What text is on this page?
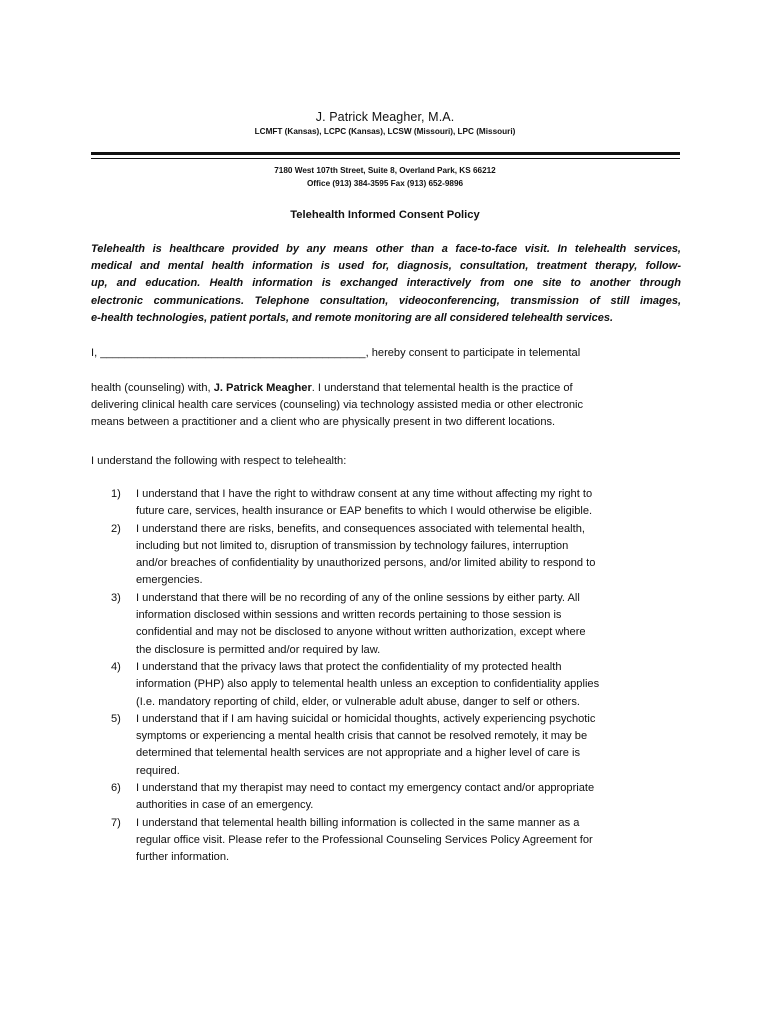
J. Patrick Meagher, M.A.
LCMFT (Kansas), LCPC (Kansas), LCSW (Missouri), LPC (Missouri)
7180 West 107th Street, Suite 8, Overland Park, KS 66212
Office (913) 384-3595 Fax (913) 652-9896
Telehealth Informed Consent Policy
Telehealth is healthcare provided by any means other than a face-to-face visit. In telehealth services,
medical and mental health information is used for, diagnosis, consultation, treatment therapy, follow-
up, and education. Health information is exchanged interactively from one site to another through
electronic communications. Telephone consultation, videoconferencing, transmission of still images,
e-health technologies, patient portals, and remote monitoring are all considered telehealth services.
I, ___________________________________________, hereby consent to participate in telemental
health (counseling) with, J. Patrick Meagher. I understand that telemental health is the practice of
delivering clinical health care services (counseling) via technology assisted media or other electronic
means between a practitioner and a client who are physically present in two different locations.
I understand the following with respect to telehealth:
1) I understand that I have the right to withdraw consent at any time without affecting my right to
future care, services, health insurance or EAP benefits to which I would otherwise be eligible.
2) I understand there are risks, benefits, and consequences associated with telemental health,
including but not limited to, disruption of transmission by technology failures, interruption
and/or breaches of confidentiality by unauthorized persons, and/or limited ability to respond to
emergencies.
3) I understand that there will be no recording of any of the online sessions by either party. All
information disclosed within sessions and written records pertaining to those session is
confidential and may not be disclosed to anyone without written authorization, except where
the disclosure is permitted and/or required by law.
4) I understand that the privacy laws that protect the confidentiality of my protected health
information (PHP) also apply to telemental health unless an exception to confidentiality applies
(I.e. mandatory reporting of child, elder, or vulnerable adult abuse, danger to self or others.
5) I understand that if I am having suicidal or homicidal thoughts, actively experiencing psychotic
symptoms or experiencing a mental health crisis that cannot be resolved remotely, it may be
determined that telemental health services are not appropriate and a higher level of care is
required.
6) I understand that my therapist may need to contact my emergency contact and/or appropriate
authorities in case of an emergency.
7) I understand that telemental health billing information is collected in the same manner as a
regular office visit. Please refer to the Professional Counseling Services Policy Agreement for
further information.
